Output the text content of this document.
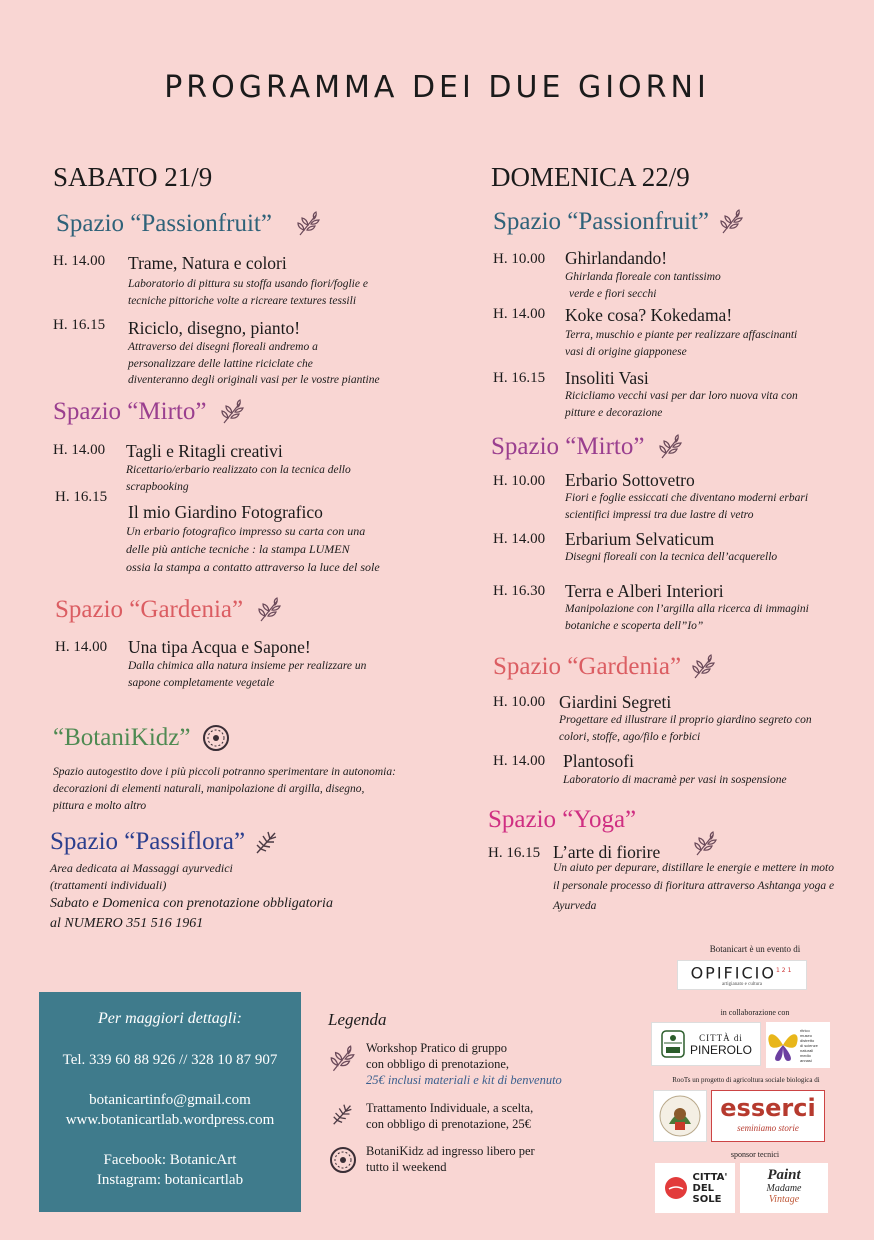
PROGRAMMA DEI DUE GIORNI
SABATO 21/9
Spazio “Passionfruit”
H. 14.00 Trame, Natura e colori
Laboratorio di pittura su stoffa usando fiori/foglie e
tecniche pittoriche volte a ricreare textures tessili
H. 16.15 Riciclo, disegno, pianto!
Attraverso dei disegni floreali andremo a
personalizzare delle lattine riciclate che
diventeranno degli originali vasi per le vostre piantine
Spazio “Mirto”
H. 14.00 Tagli e Ritagli creativi
Ricettario/erbario realizzato con la tecnica dello
scrapbooking
H. 16.15
Il mio Giardino Fotografico
Un erbario fotografico impresso su carta con una
delle più antiche tecniche : la stampa LUMEN
ossia la stampa a contatto attraverso la luce del sole
Spazio “Gardenia”
H. 14.00 Una tipa Acqua e Sapone!
Dalla chimica alla natura insieme per realizzare un
sapone completamente vegetale
“BotaniKidz”
Spazio autogestito dove i più piccoli potranno sperimentare in autonomia:
decorazioni di elementi naturali, manipolazione di argilla, disegno,
pittura e molto altro
Spazio “Passiflora”
Area dedicata ai Massaggi ayurvedici
(trattamenti individuali)
Sabato e Domenica con prenotazione obbligatoria
al NUMERO 351 516 1961
DOMENICA 22/9
Spazio “Passionfruit”
H. 10.00 Ghirlandando!
Ghirlanda floreale con tantissimo
verde e fiori secchi
H. 14.00 Koke cosa? Kokedama!
Terra, muschio e piante per realizzare affascinanti
vasi di origine giapponese
H. 16.15 Insoliti Vasi
Ricicliamo vecchi vasi per dar loro nuova vita con
pitture e decorazione
Spazio “Mirto”
H. 10.00 Erbario Sottovetro
Fiori e foglie essiccati che diventano moderni erbari
scientifici impressi tra due lastre di vetro
H. 14.00 Erbarium Selvaticum
Disegni floreali con la tecnica dell’acquerello
H. 16.30 Terra e Alberi Interiori
Manipolazione con l’argilla alla ricerca di immagini
botaniche e scoperta dell”Io”
Spazio “Gardenia”
H. 10.00 Giardini Segreti
Progettare ed illustrare il proprio giardino segreto con
colori, stoffe, ago/filo e forbici
H. 14.00 Plantosofi
Laboratorio di macramè per vasi in sospensione
Spazio “Yoga”
H. 16.15 L’arte di fiorire
Un aiuto per depurare, distillare le energie e mettere in moto
il personale processo di fioritura attraverso Ashtanga yoga e
Ayurveda
Per maggiori dettagli:
Tel. 339 60 88 926 // 328 10 87 907
botanicartinfo@gmail.com
www.botanicartlab.wordpress.com
Facebook: BotanicArt
Instagram: botanicartlab
Legenda
Workshop Pratico di gruppo
con obbligo di prenotazione,
25€ inclusi materiali e kit di benvenuto
Trattamento Individuale, a scelta,
con obbligo di prenotazione, 25€
BotaniKidz ad ingresso libero per
tutto il weekend
Botanicart è un evento di
OPIFICIO$^{121}$
artigianato e cultura
in collaborazione con
CITTÀ di
PINEROLO
ritrico
museo
distretto
di scienze
naturali
medio
annasi
RooTs un progetto di agricoltura sociale biologica di
esserci
seminiamo storie
sponsor tecnici
CITTA'
DEL
SOLE
Paint
Madame
Vintage
